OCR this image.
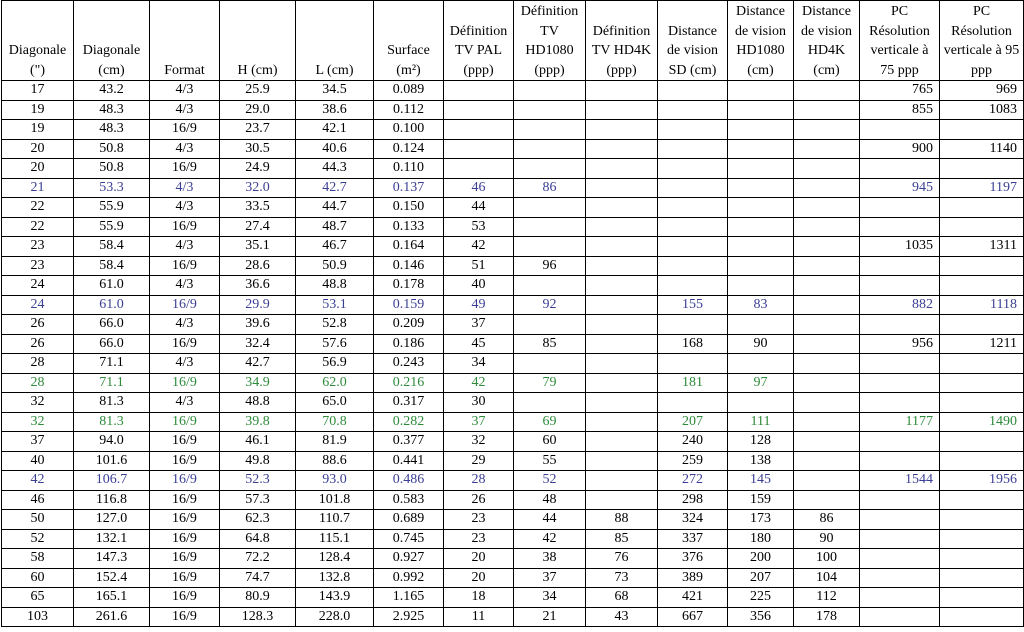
Diagonale (")	Diagonale (cm)	Format	H (cm)	L (cm)	Surface (m²)	Définition TV PAL (ppp)	Définition TV HD1080 (ppp)	Définition TV HD4K (ppp)	Distance de vision SD (cm)	Distance de vision HD1080 (cm)	Distance de vision HD4K (cm)	PC Résolution verticale à 75 ppp	PC Résolution verticale à 95 ppp
17	43.2	4/3	25.9	34.5	0.089							765	969
19	48.3	4/3	29.0	38.6	0.112							855	1083
19	48.3	16/9	23.7	42.1	0.100								
20	50.8	4/3	30.5	40.6	0.124							900	1140
20	50.8	16/9	24.9	44.3	0.110								
21	53.3	4/3	32.0	42.7	0.137	46	86					945	1197
22	55.9	4/3	33.5	44.7	0.150	44							
22	55.9	16/9	27.4	48.7	0.133	53							
23	58.4	4/3	35.1	46.7	0.164	42						1035	1311
23	58.4	16/9	28.6	50.9	0.146	51	96						
24	61.0	4/3	36.6	48.8	0.178	40							
24	61.0	16/9	29.9	53.1	0.159	49	92		155	83		882	1118
26	66.0	4/3	39.6	52.8	0.209	37							
26	66.0	16/9	32.4	57.6	0.186	45	85		168	90		956	1211
28	71.1	4/3	42.7	56.9	0.243	34							
28	71.1	16/9	34.9	62.0	0.216	42	79		181	97			
32	81.3	4/3	48.8	65.0	0.317	30							
32	81.3	16/9	39.8	70.8	0.282	37	69		207	111		1177	1490
37	94.0	16/9	46.1	81.9	0.377	32	60		240	128			
40	101.6	16/9	49.8	88.6	0.441	29	55		259	138			
42	106.7	16/9	52.3	93.0	0.486	28	52		272	145		1544	1956
46	116.8	16/9	57.3	101.8	0.583	26	48		298	159			
50	127.0	16/9	62.3	110.7	0.689	23	44	88	324	173	86		
52	132.1	16/9	64.8	115.1	0.745	23	42	85	337	180	90		
58	147.3	16/9	72.2	128.4	0.927	20	38	76	376	200	100		
60	152.4	16/9	74.7	132.8	0.992	20	37	73	389	207	104		
65	165.1	16/9	80.9	143.9	1.165	18	34	68	421	225	112		
103	261.6	16/9	128.3	228.0	2.925	11	21	43	667	356	178		
